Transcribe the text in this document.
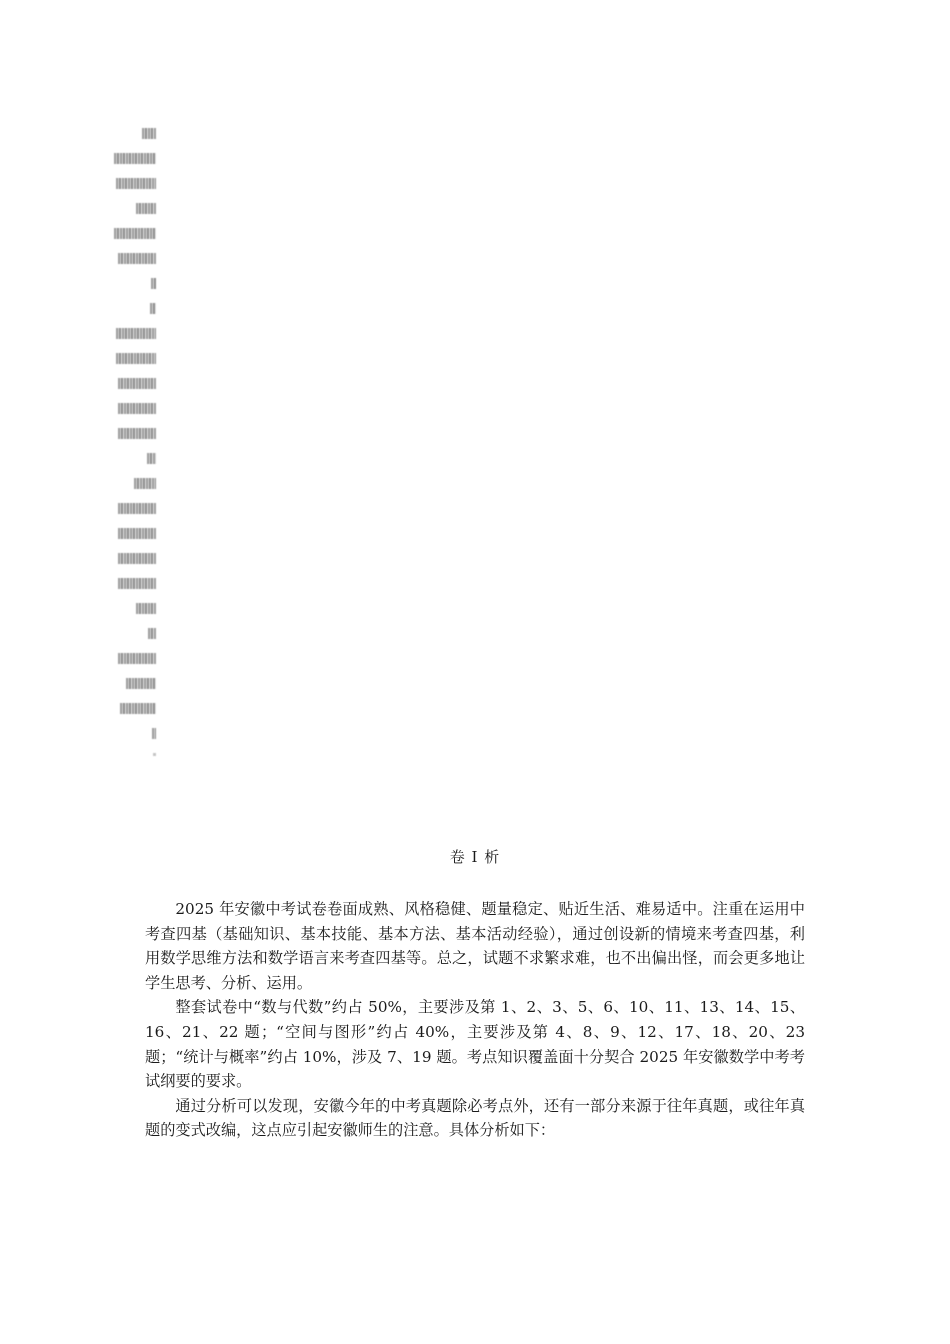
卷 I 析

2025 年安徽中考试卷卷面成熟、风格稳健、题量稳定、贴近生活、难易适中。注重在运用中考查四基（基础知识、基本技能、基本方法、基本活动经验），通过创设新的情境来考查四基，利用数学思维方法和数学语言来考查四基等。总之，试题不求繁求难，也不出偏出怪，而会更多地让学生思考、分析、运用。

整套试卷中“数与代数”约占 50%，主要涉及第 1、2、3、5、6、10、11、13、14、15、16、21、22 题；“空间与图形”约占 40%，主要涉及第 4、8、9、12、17、18、20、23 题；“统计与概率”约占 10%，涉及 7、19 题。考点知识覆盖面十分契合 2025 年安徽数学中考考试纲要的要求。

通过分析可以发现，安徽今年的中考真题除必考点外，还有一部分来源于往年真题，或往年真题的变式改编，这点应引起安徽师生的注意。具体分析如下：
